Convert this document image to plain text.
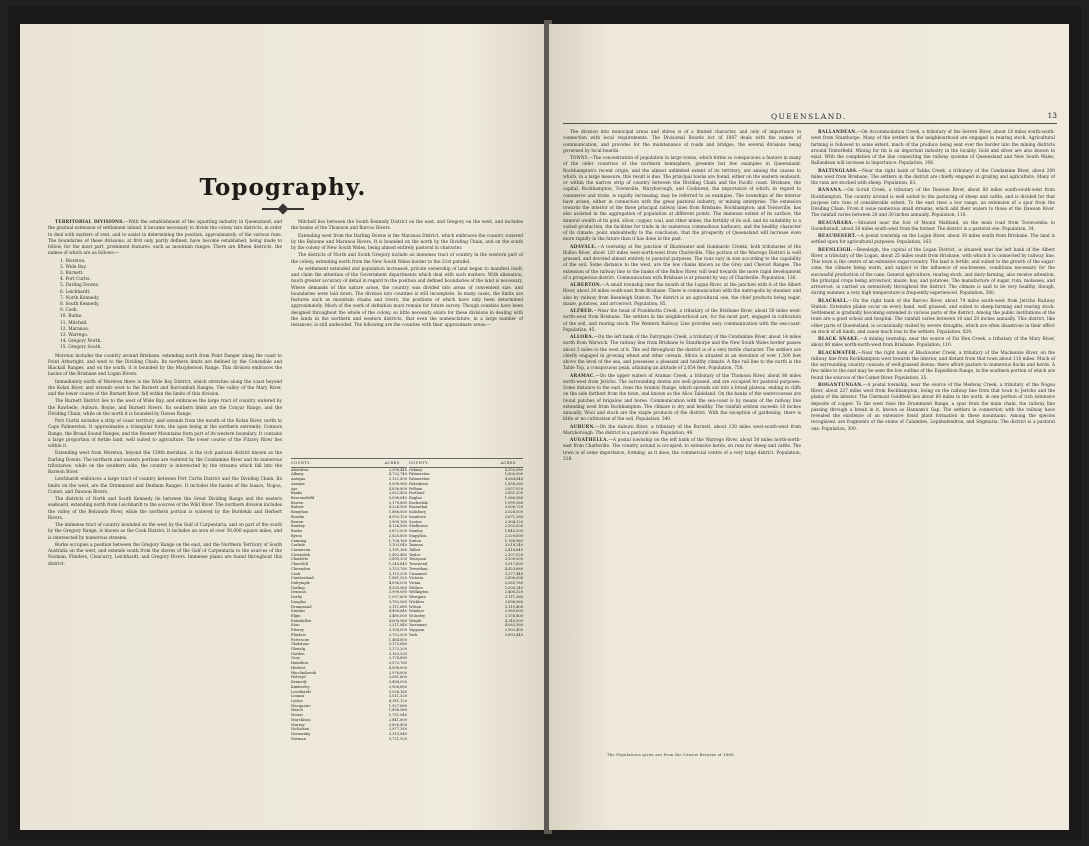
Topography.

TERRITORIAL DIVISIONS.—With the establishment of the squatting industry in Queensland, and the gradual extension of settlement inland, it became necessary to divide the colony into districts, in order to deal with matters of rent, and to assist in determining the position, approximately, of the various runs. The boundaries of these divisions, at first only partly defined, have become established, being made to follow, for the most part, prominent features, such as mountain ranges. There are fifteen districts, the names of which are as follows:—

1. Moreton.
2. Wide Bay.
3. Burnett.
4. Port Curtis.
5. Darling Downs.
6. Leichhardt.
7. North Kennedy.
8. South Kennedy.
9. Cook.
10. Burke.
11. Mitchell.
12. Maranoa.
13. Warrego.
14. Gregory North.
15. Gregory South.

Moreton includes the country around Brisbane, extending north from Point Danger along the coast to Point Arkwright, and west to the Dividing Chain. Its northern limits are defined by the Conondale and Blackall Ranges, and on the south, it is bounded by the Macpherson Range. This division embraces the basins of the Brisbane and Logan Rivers.

Immediately north of Moreton there is the Wide Bay District, which stretches along the coast beyond the Kolan River, and extends west to the Burnett and Burrumbah Ranges. The valley of the Mary River, and the lower course of the Burnett River, fall within the limits of this division.

The Burnett District lies to the west of Wide Bay, and embraces the large tract of country watered by the Rawbelle, Auburn, Boyne, and Burnett Rivers. Its southern limits are the Conyar Range, and the Dividing Chain, while on the north it is bounded by Dawes Range.

Port Curtis includes a strip of coast territory, and extends from the mouth of the Kolan River, north to Cape Palmerston. It approximates a triangular form, the apex being at the northern extremity. Connors Range, the Broad Sound Ranges, and the Boomer Mountains form part of its western boundary. It contains a large proportion of fertile land, well suited to agriculture. The lower course of the Fitzroy River lies within it.

Extending west from Moreton, beyond the 150th meridian, is the rich pastoral district known as the Darling Downs. The northern and eastern portions are watered by the Condamine River and its numerous tributaries, while on the southern side, the country is intersected by the streams which fall into the Barwon River.

Leichhardt embraces a large tract of country between Port Curtis District and the Dividing Chain. Its limits on the west, are the Drummond and Denham Ranges. It includes the basins of the Isaacs, Nogoa, Comet, and Dawson Rivers.

The districts of North and South Kennedy lie between the Great Dividing Range and the eastern seaboard, extending north from Leichhardt to the sources of the Wild River. The northern division includes the valley of the Belyando River, while the northern portion is watered by the Burdekin and Herbert Rivers.

The immense tract of country bounded on the west by the Gulf of Carpentaria, and on part of the south by the Gregory Range, is known as the Cook District. It includes an area of over 30,000 square miles, and is intersected by numerous streams.

Burke occupies a position between the Gregory Range on the east, and the Northern Territory of South Australia on the west, and extends south from the shores of the Gulf of Carpentaria to the sources of the Norman, Flinders, Cloncurry, Leichhardt, and Gregory Rivers. Immense plains are found throughout this district.

Mitchell lies between the South Kennedy District on the east, and Gregory on the west, and includes the basins of the Thomson and Barcoo Rivers.

Extending west from the Darling Downs is the Maranoa District, which embraces the country watered by the Balonne and Maranoa Rivers. It is bounded on the north by the Dividing Chain, and on the south by the colony of New South Wales, being almost entirely pastoral in character.

The districts of North and South Gregory include an immense tract of country in the western part of the colony, extending north from the New South Wales border to the 21st parallel.

As settlement extended and population increased, private ownership of land began to manifest itself, and claim the attention of the Government departments which deal with such matters. With alienation, much greater accuracy of detail in regard to the position and defined boundaries of the land is necessary. Where demands of this nature arose, the country was divided into areas of convenient size, and boundaries were laid down. The division into counties is still incomplete. In many cases, the limits are features such as mountain chains and rivers, the positions of which have only been determined approximately. Much of the work of definition must remain for future survey. Though counties have been designed throughout the whole of the colony, so little necessity exists for these divisions in dealing with the lands in the northern and western districts, that even the nomenclature, in a large number of instances, is still undecided. The following are the counties with their approximate areas:—

COUNTY.	ACRES.
Aberdeen	2,398,440
Albany	4,732,740
Antigua	2,121,600
Aramac	5,098,560
Ayr	4,836,800
Banks	3,622,400
Beaconsfield	5,096,640
Bowen	5,178,880
Bulwer	4,226,560
Bonython	1,888,000
Bourke	4,593,120
Bowen	3,908,160
Bundey	4,126,080
Burke	3,672,000
Byron	2,828,800
Canning	1,708,160
Carlisle	3,103,040
Carnarvon	2,191,360
Cavendish	1,492,480
Charlotte	3,895,200
Churchill	1,240,640
Clarendon	3,133,760
Cook	3,115,200
Cumberland	1,881,920
Dalrymple	4,096,000
Darling	4,330,560
Denison	3,990,080
Derby	1,097,600
Douglas	3,762,560
Drummond	3,111,680
Dundas	4,496,640
Elgin	3,480,000
Enniskillen	4,008,960
Eton	2,211,840
Fitzroy	3,106,000
Flinders	2,752,000
Fortescue	1,484,800
Gladstone	3,175,680
Glenelg	2,275,200
Gordon	3,163,520
Grey	2,178,880
Hamilton	3,573,760
Herbert	4,096,000
Hinchinbrook	2,976,000
Holroyd	3,081,600
Kennedy	3,496,000
Kimberley	2,906,880
Leichhardt	3,036,160
Lennox	3,011,520
Lytton	4,181,120
Macquarie	1,927,680
March	1,896,960
Mount	1,751,040
Murchison	2,841,600
Murray	3,826,400
Nicholson	2,977,280
Normanby	3,315,840
Norman	3,721,920
COUNTY.	ACRES.
Orkney	4,350,080
Palmerston	1,600,000
Palmerston	4,064,640
Pakenham	1,858,560
Pelham	2,837,920
Portland	2,851,200
Raglan	1,966,080
Rochedale	1,999,360
Rosenthal	3,006,720
Salisbury	2,528,000
Sandown	2,671,360
Seaton	2,904,320
Shelburne	2,592,000
Stanley	1,843,200
Stapylton	2,329,600
Sutton	1,768,960
Tasman	3,018,240
Talbot	2,416,640
Taylor	2,107,520
Tennyson	3,200,000
Townsend	3,017,600
Trevethan	4,423,680
Unnamed	3,277,440
Victoria	2,896,000
Vivian	2,565,760
Wallace	2,500,240
Wellington	2,408,320
Westgate	3,111,360
Wicklow	2,696,960
Wilson	3,110,400
Windsor	2,969,600
Wolseley	3,158,400
Wright	4,240,000
Yarraman	4,082,560
Yeppoon	2,902,400
York	2,893,440
QUEENSLAND.	13

The division into municipal areas and shires is of a limited character, and only of importance in connection with local requirements. The Divisional Boards Act of 1887 deals with the names of communication, and provides for the maintenance of roads and bridges, the several divisions being governed by local boards.

TOWNS.—The concentration of population in large towns, which forms so conspicuous a feature in many of the older countries of the northern hemisphere, presents but few examples in Queensland. Rockhampton's recent origin, and the almost unlimited extent of its territory, are among the causes to which, in a large measure, this result is due. The principal towns are found, either on the eastern seaboard, or within the narrow strip of country between the Dividing Chain and the Pacific coast. Brisbane, the capital, Rockhampton, Townsville, Maryborough, and Cooktown, the importance of which, in regard to commerce and trade, is rapidly increasing, may be referred to as examples. The townships of the interior have arisen, either in connection with the great pastoral industry, or mining enterprise. The extension towards the interior of the three principal railway lines from Brisbane, Rockhampton, and Townsville, has also assisted in the aggregation of population at different points. The immense extent of its surface, the mineral wealth of its gold, silver, copper, coal, and other mines, the fertility of its soil, and its suitability to a varied production, the facilities for trade in its numerous commodious harbours, and the healthy character of its climate, point undoubtedly to the conclusion, that the prosperity of Queensland will increase even more rapidly in the future than it has done in the past.

ADAVALE.—A township at the junction of Blackwater and Gumbardo Creeks, both tributaries of the Bulloo River, about 120 miles west-north-west from Charleville. This portion of the Warrego District is well grassed, and devoted almost entirely to pastoral purposes. The runs vary in size according to the capability of the soil. Some distance to the west, are the low chains known as the Grey and Cheviot Ranges. The extension of the railway line to the banks of the Bulloo River, will tend towards the more rapid development of a prosperous district. Communication with Brisbane is at present by way of Charleville. Population, 136.

ALBERTON.—A small township near the mouth of the Logan River, at the junction with it of the Albert River, about 24 miles south-east from Brisbane. There is communication with the metropolis by steamer, and also by railway from Beenleigh Station. The district is an agricultural one, the chief products being sugar, maize, potatoes, and arrowroot. Population, 85.

ALFRED.—Near the head of Frankhutta Creek, a tributary of the Brisbane River, about 50 miles west-north-west from Brisbane. The settlers in the neighbourhood are, for the most part, engaged in cultivation of the soil, and rearing stock. The Western Railway Line provides easy communication with the sea-coast. Population, 45.

ALLORA.—On the left bank of the Dalrymple Creek, a tributary of the Condamine River, about 14 miles north from Warwick. The railway line from Brisbane to Stanthorpe and the New South Wales border passes about 5 miles to the west of it. The soil throughout the district is of a very fertile character. The settlers are chiefly engaged in growing wheat and other cereals. Allora is situated at an elevation of over 1,500 feet above the level of the sea, and possesses a pleasant and healthy climate. A fine rail line to the north is the Table Top, a conspicuous peak, attaining an altitude of 2,054 feet. Population, 750.

ARAMAC.—On the upper waters of Aramac Creek, a tributary of the Thomson River, about 80 miles north-west from Jericho. The surrounding downs are well grassed, and are occupied for pastoral purposes. Some distance to the east, rises the Aramac Range, which spreads out into a broad plateau, ending in cliffs on the side farthest from the town, and known as the Alice Tableland. On the banks of the watercourses are found patches of brigalow and boree. Communication with the sea-coast is by means of the railway line extending west from Rockhampton. The climate is dry and healthy. The rainfall seldom exceeds 18 inches annually. Wool and stock are the staple products of the district. With the exception of gardening, there is little or no cultivation of the soil. Population, 340.

AUBURN.—On the Auburn River, a tributary of the Burnett, about 130 miles west-south-west from Maryborough. The district is a pastoral one. Population, 48.

AUGATHELLA.—A postal township on the left bank of the Warrego River, about 50 miles north-north-east from Charleville. The country around is occupied, to extensive herds, on runs for sheep and cattle. The town is of some importance, forming, as it does, the commercial centre of a very large district. Population, 218.

BALLANDEAN.—On Accommodation Creek, a tributary of the Severn River, about 18 miles south-south-west from Stanthorpe. Many of the settlers in the neighbourhood are engaged in rearing stock. Agricultural farming is followed to some extent, much of the produce being sent over the border into the mining districts around Tenterfield. Mining for tin is an important industry in the locality. Gold and silver are also known to exist. With the completion of the line connecting the railway systems of Queensland and New South Wales, Ballandean will increase in importance. Population, 106.

BALTINGLASS.—Near the right bank of Yabba Creek, a tributary of the Condamine River, about 200 miles west from Brisbane. The settlers in the district are chiefly engaged in grazing and agriculture. Many of the runs are stocked with sheep. Population, 63.

BANANA.—On Scrub Creek, a tributary of the Dawson River, about 80 miles south-south-west from Rockhampton. The country around is well suited to the pasturing of sheep and cattle, and is divided for that purpose into runs of considerable extent. To the east rises a low range, an extension of a spur from the Dividing Chain. From it issue numerous small streams, which add their waters to those of the Dawson River. The rainfall varies between 20 and 30 inches annually. Population, 110.

BEAUARABA.—Situated near the foot of Mount Maitland, on the main road from Toowoomba to Goondiwindi, about 26 miles south-west from the former. The district is a pastoral one. Population, 34.

BEAUDESERT.—A postal township on the Logan River, about 38 miles south from Brisbane. The land is settled upon for agricultural purposes. Population, 163.

BEENLEIGH.—Beenleigh, the capital of the Logan District, is situated near the left bank of the Albert River, a tributary of the Logan, about 25 miles south from Brisbane, with which it is connected by railway line. This town is the centre of an extensive sugar-country. The land is fertile, and suited to the growth of the sugar-cane, the climate being warm, and subject to the influence of sea-breezes, conditions necessary for the successful production of the cane. General agriculture, rearing stock, and dairy-farming, also receive attention, the principal crops being arrowroot, maize, hay, and potatoes. The manufacture of sugar, rum, molasses, and arrowroot, is carried on extensively throughout the district. The climate is said to be very healthy, though, during summer, a very high temperature is frequently experienced. Population, 580.

BLACKALL.—On the right bank of the Barcoo River, about 74 miles south-west from Jericho Railway Station. Extensive plains occur on every hand, well grassed, and suited to sheep-farming and rearing stock. Settlement is gradually becoming extended in various parts of the district. Among the public institutions of the town are a good school and hospital. The rainfall varies between 10 and 20 inches annually. This district, like other parts of Queensland, is occasionally visited by severe droughts, which are often disastrous in their effect on stock of all kinds, and cause much loss to the settlers. Population, 829.

BLACK SNAKE.—A mining township, near the source of Fat Hen Creek, a tributary of the Mary River, about 80 miles north-north-west from Brisbane. Population, 110.

BLACKWATER.—Near the right bank of Blackwater Creek, a tributary of the Mackenzie River, on the railway line from Rockhampton west towards the interior, and distant from that town about 118 miles. Much of the surrounding country consists of well-grassed downs; there afford pasture to numerous flocks and herds. A few miles to the east may be seen the low outline of the Expedition Range, in the southern portion of which are found the sources of the Comet River. Population, 35.

BOGANTUNGAN.—A postal township, near the source of the Medway Creek, a tributary of the Nogoa River, about 227 miles west from Rockhampton, being on the railway line from that town to Jericho and the plains of the interior. The Clermont Goldfield lies about 60 miles to the north, in one portion of rich extensive deposits of copper. To the west rises the Drummond Range, a spur from the main chain, the railway line passing through a break in it, known as Hannam's Gap. The settlers in connection with the railway have revealed the existence of an extensive fossil plant formation in these mountains. Among the species recognised, are fragments of the stems of Calamites, Lepidodendron, and Stigmaria. The district is a pastoral one. Population, 300.

The Populations given are from the Census Returns of 1886.
